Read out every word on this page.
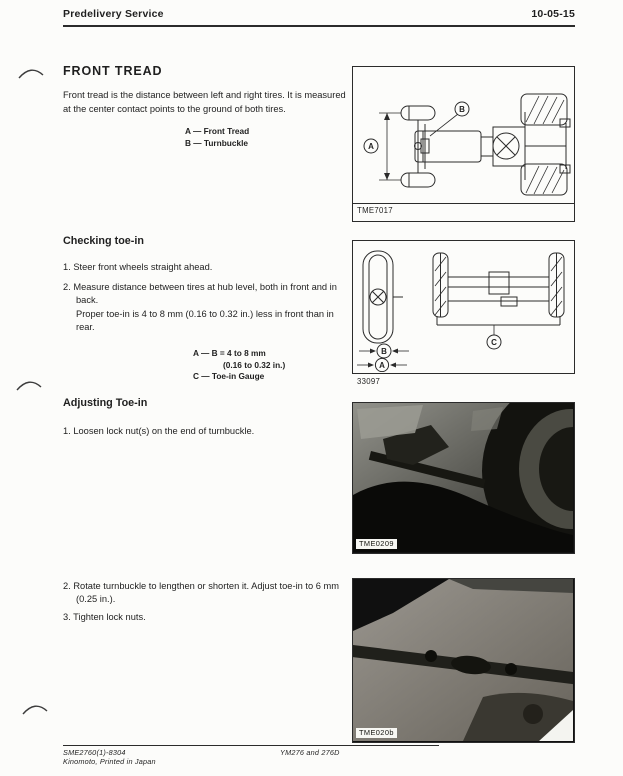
Predelivery Service	10-05-15
FRONT TREAD
Front tread is the distance between left and right tires. It is measured at the center contact points to the ground of both tires.
A — Front Tread
B — Turnbuckle	A
B
TME7017
Checking toe-in
1. Steer front wheels straight ahead.
2. Measure distance between tires at hub level, both in front and in back.
Proper toe-in is 4 to 8 mm (0.16 to 0.32 in.) less in front than in rear.
A — B = 4 to 8 mm
(0.16 to 0.32 in.)
C — Toe-in Gauge
B
A
C
33097
Adjusting Toe-in
1. Loosen lock nut(s) on the end of turnbuckle.
TME0209
2. Rotate turnbuckle to lengthen or shorten it. Adjust toe-in to 6 mm (0.25 in.).
3. Tighten lock nuts.
TME020b
SME2760(1)-8304
Kinomoto, Printed in Japan
YM276 and 276D
